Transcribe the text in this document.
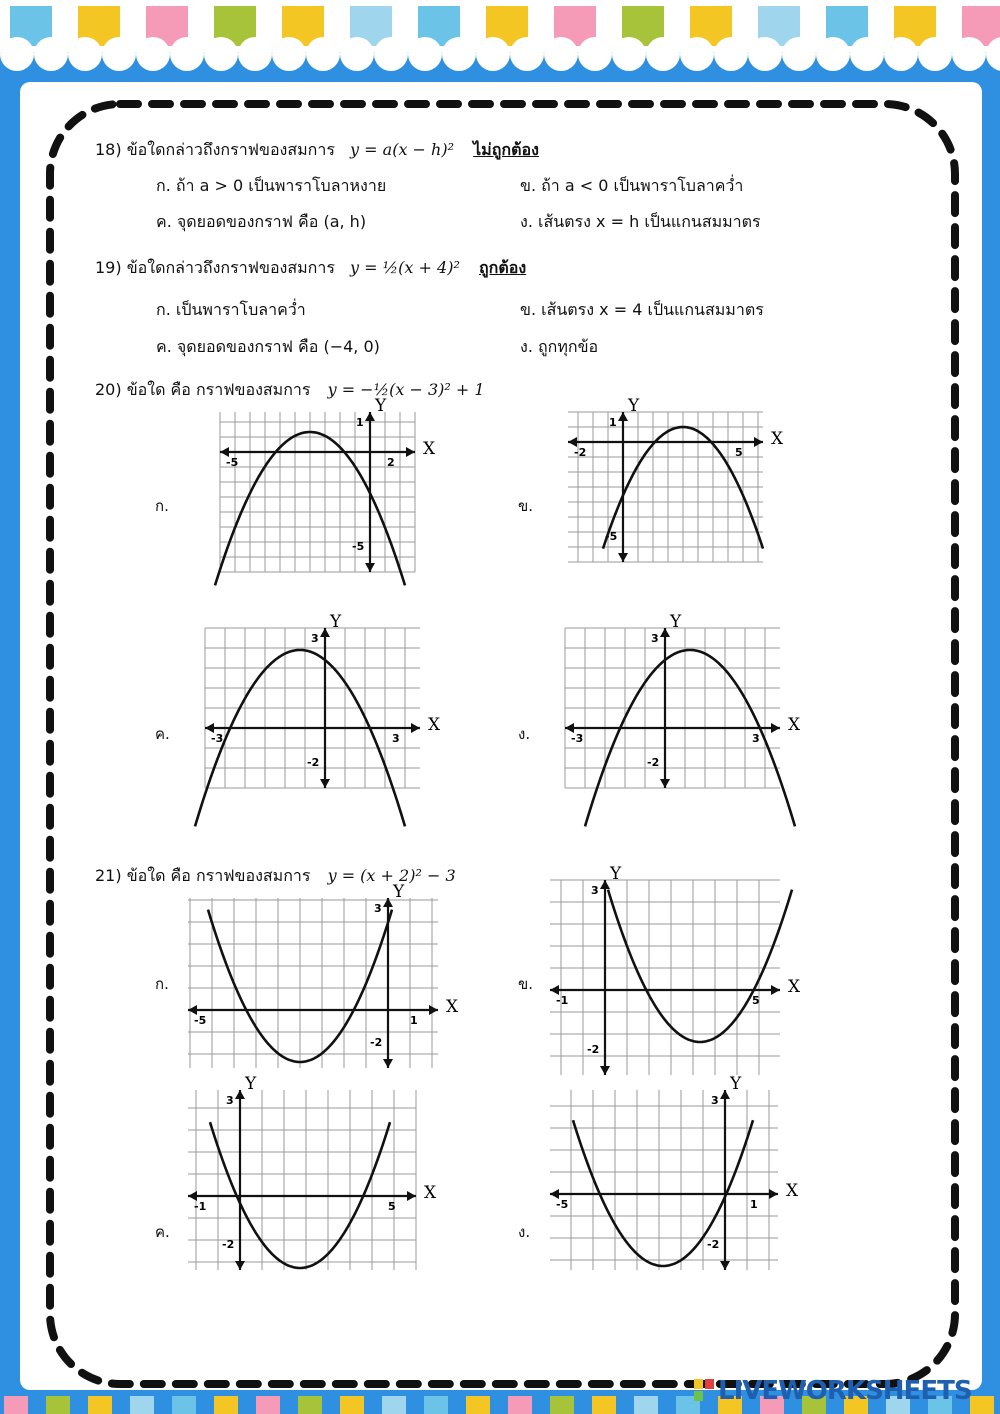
18) ข้อใดกล่าวถึงกราฟของสมการ y = a(x − h)² ไม่ถูกต้อง
ก. ถ้า a > 0 เป็นพาราโบลาหงาย	ข. ถ้า a < 0 เป็นพาราโบลาคว่ำ
ค. จุดยอดของกราฟ คือ (a, h)	ง. เส้นตรง x = h เป็นแกนสมมาตร
19) ข้อใดกล่าวถึงกราฟของสมการ y = ½(x + 4)² ถูกต้อง
ก. เป็นพาราโบลาคว่ำ	ข. เส้นตรง x = 4 เป็นแกนสมมาตร
ค. จุดยอดของกราฟ คือ (−4, 0)	ง. ถูกทุกข้อ
20) ข้อใด คือ กราฟของสมการ y = −½(x − 3)² + 1
ก.	ข.
ค.	ง.
X
Y
-5	2
1
-5
X
Y
-2	5
1
-5
X
Y
-3	3
3
-2
X
Y
-3	3
3
-2
21) ข้อใด คือ กราฟของสมการ y = (x + 2)² − 3
ก.	ข.
ค.	ง.
X
Y
-5	1
3
-2
X
Y
-1	5
3
-2
X
Y
-1	5
3
-2
X
Y
-5	1
3
-2
LIVEWORKSHEETS
